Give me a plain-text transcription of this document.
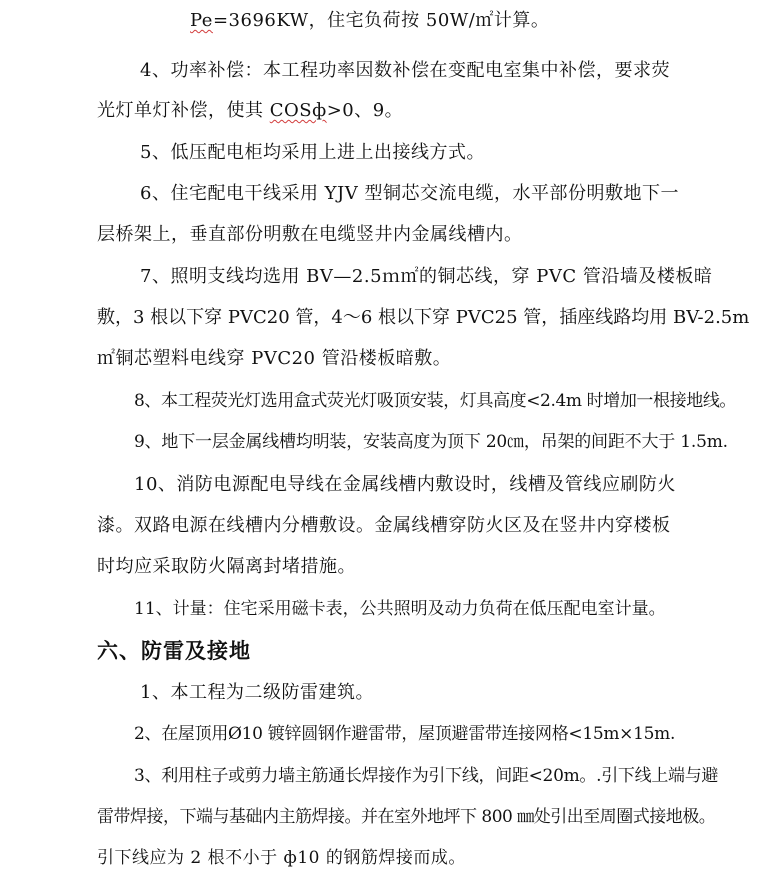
Pe=3696KW，住宅负荷按 50W/㎡计算。
4、功率补偿：本工程功率因数补偿在变配电室集中补偿，要求荧
光灯单灯补偿，使其 COSф>0、9。
5、低压配电柜均采用上进上出接线方式。
6、住宅配电干线采用 YJV 型铜芯交流电缆，水平部份明敷地下一
层桥架上，垂直部份明敷在电缆竖井内金属线槽内。
7、照明支线均选用 BV—2.5ｍ㎡的铜芯线，穿 PVC 管沿墙及楼板暗
敷，3 根以下穿 PVC20 管，4～6 根以下穿 PVC25 管，插座线路均用 BV-2.5m
㎡铜芯塑料电线穿 PVC20 管沿楼板暗敷。
8、本工程荧光灯选用盒式荧光灯吸顶安装，灯具高度<2.4m 时增加一根接地线。
9、地下一层金属线槽均明装，安装高度为顶下 20㎝，吊架的间距不大于 1.5m.
10、消防电源配电导线在金属线槽内敷设时，线槽及管线应刷防火
漆。双路电源在线槽内分槽敷设。金属线槽穿防火区及在竖井内穿楼板
时均应采取防火隔离封堵措施。
11、计量：住宅采用磁卡表，公共照明及动力负荷在低压配电室计量。
六、防雷及接地
1、本工程为二级防雷建筑。
2、在屋顶用Ø10 镀锌圆钢作避雷带，屋顶避雷带连接网格<15m×15m.
3、利用柱子或剪力墙主筋通长焊接作为引下线，间距<20m。.引下线上端与避
雷带焊接，下端与基础内主筋焊接。并在室外地坪下 800 ㎜处引出至周圈式接地极。
引下线应为 2 根不小于 ф10 的钢筋焊接而成。
